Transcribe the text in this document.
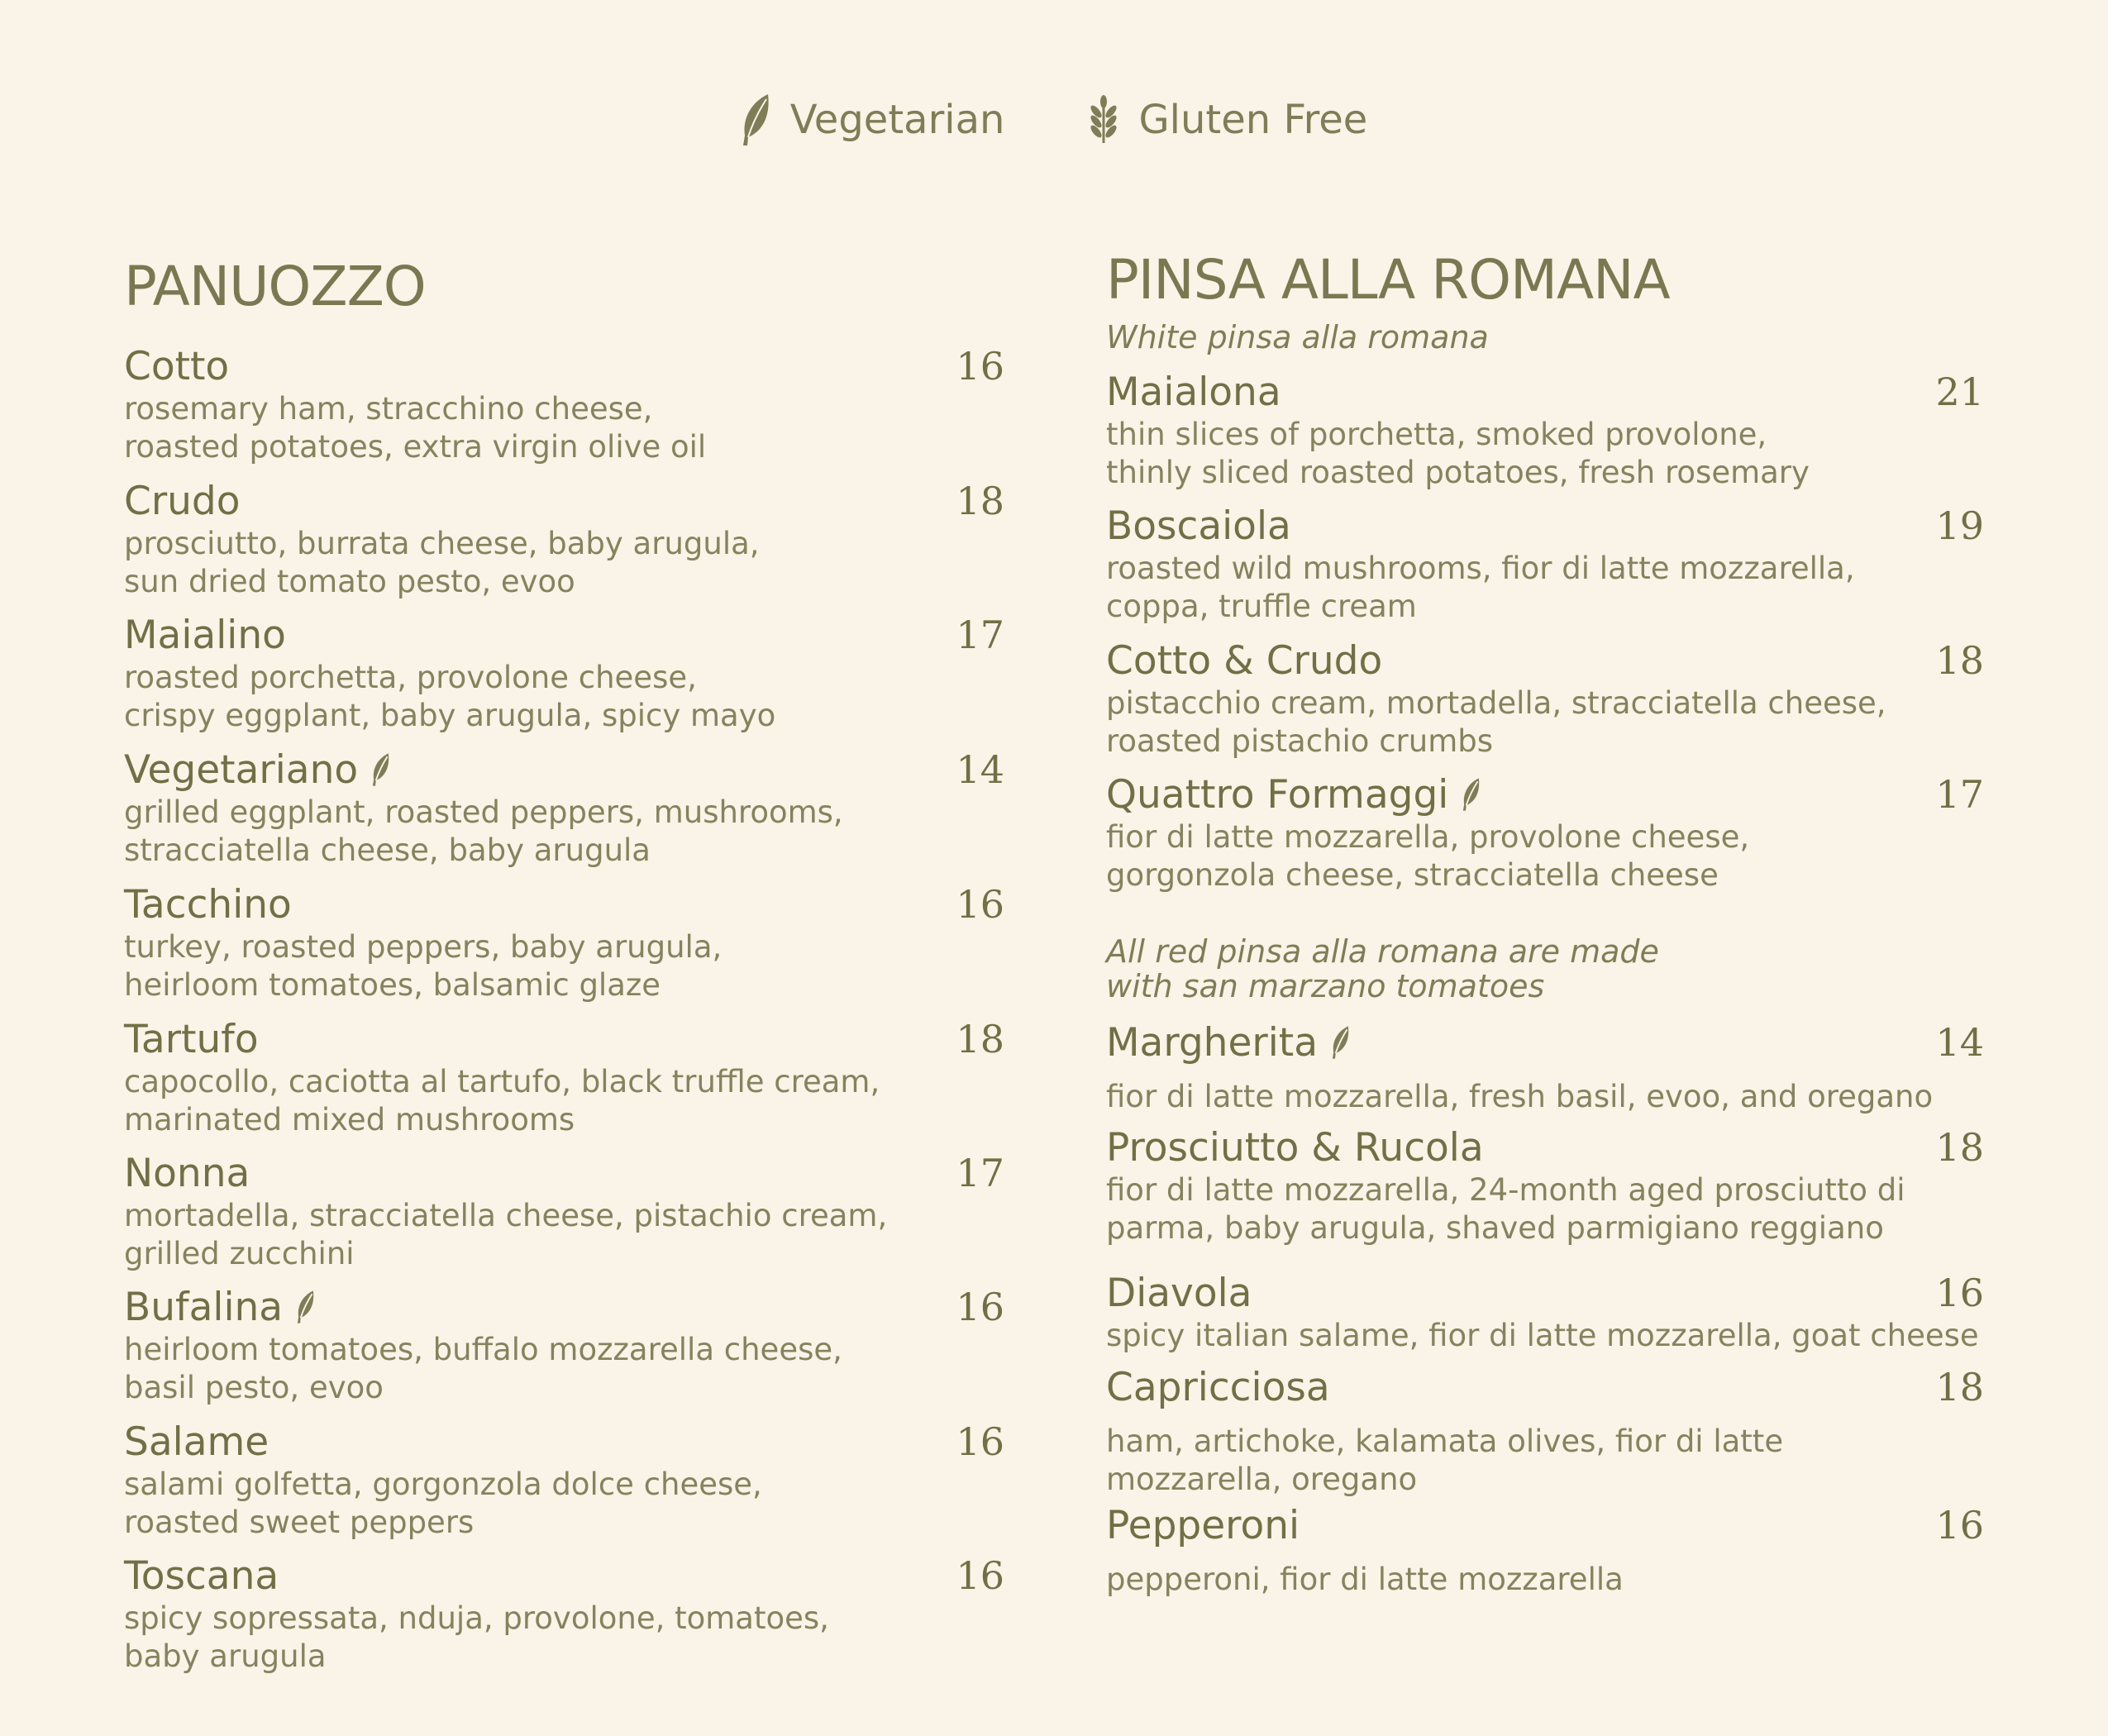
Vegetarian	Gluten Free
PANUOZZO
Cotto	16
rosemary ham, stracchino cheese,
roasted potatoes, extra virgin olive oil
Crudo	18
prosciutto, burrata cheese, baby arugula,
sun dried tomato pesto, evoo
Maialino	17
roasted porchetta, provolone cheese,
crispy eggplant, baby arugula, spicy mayo
Vegetariano	14
grilled eggplant, roasted peppers, mushrooms,
stracciatella cheese, baby arugula
Tacchino	16
turkey, roasted peppers, baby arugula,
heirloom tomatoes, balsamic glaze
Tartufo	18
capocollo, caciotta al tartufo, black truffle cream,
marinated mixed mushrooms
Nonna	17
mortadella, stracciatella cheese, pistachio cream,
grilled zucchini
Bufalina	16
heirloom tomatoes, buffalo mozzarella cheese,
basil pesto, evoo
Salame	16
salami golfetta, gorgonzola dolce cheese,
roasted sweet peppers
Toscana	16
spicy sopressata, nduja, provolone, tomatoes,
baby arugula
PINSA ALLA ROMANA
White pinsa alla romana
Maialona	21
thin slices of porchetta, smoked provolone,
thinly sliced roasted potatoes, fresh rosemary
Boscaiola	19
roasted wild mushrooms, fior di latte mozzarella,
coppa, truffle cream
Cotto & Crudo	18
pistacchio cream, mortadella, stracciatella cheese,
roasted pistachio crumbs
Quattro Formaggi	17
fior di latte mozzarella, provolone cheese,
gorgonzola cheese, stracciatella cheese
All red pinsa alla romana are made
with san marzano tomatoes
Margherita	14
fior di latte mozzarella, fresh basil, evoo, and oregano
Prosciutto & Rucola	18
fior di latte mozzarella, 24-month aged prosciutto di
parma, baby arugula, shaved parmigiano reggiano
Diavola	16
spicy italian salame, fior di latte mozzarella, goat cheese
Capricciosa	18
ham, artichoke, kalamata olives, fior di latte
mozzarella, oregano
Pepperoni	16
pepperoni, fior di latte mozzarella
